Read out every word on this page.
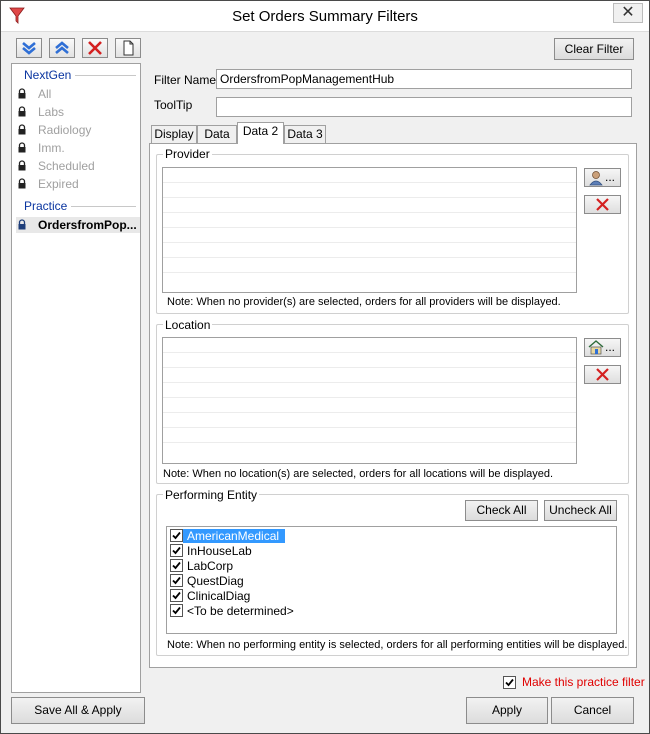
Set Orders Summary Filters	✕
Clear Filter
NextGen
All
Labs
Radiology
Imm.
Scheduled
Expired
Practice
OrdersfromPop...
Filter Name OrdersfromPopManagementHub
ToolTip
Display Data	Data 2 Data 3
Provider
...
Note: When no provider(s) are selected, orders for all providers will be displayed.
Location
...
Note: When no location(s) are selected, orders for all locations will be displayed.
Performing Entity
Check All	Uncheck All
AmericanMedical
InHouseLab
LabCorp
QuestDiag
ClinicalDiag
<To be determined>
Note: When no performing entity is selected, orders for all performing entities will be displayed.
Make this practice filter
Save All & Apply	Apply	Cancel
